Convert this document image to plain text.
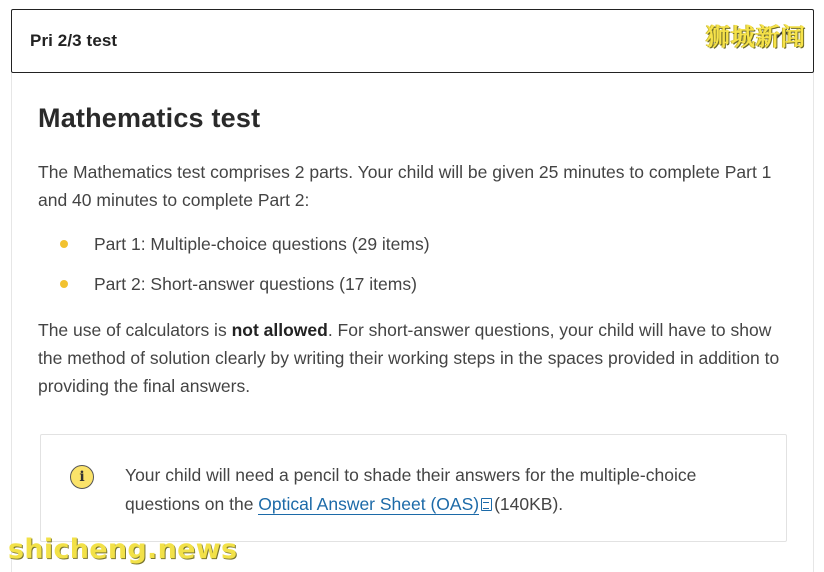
Pri 2/3 test
Mathematics test

The Mathematics test comprises 2 parts. Your child will be given 25 minutes to complete Part 1 and 40 minutes to complete Part 2:

Part 1: Multiple-choice questions (29 items)
Part 2: Short-answer questions (17 items)

The use of calculators is not allowed. For short-answer questions, your child will have to show the method of solution clearly by writing their working steps in the spaces provided in addition to providing the final answers.

i	Your child will need a pencil to shade their answers for the multiple-choice questions on the Optical Answer Sheet (OAS) (140KB).
狮城新闻
shicheng.news
